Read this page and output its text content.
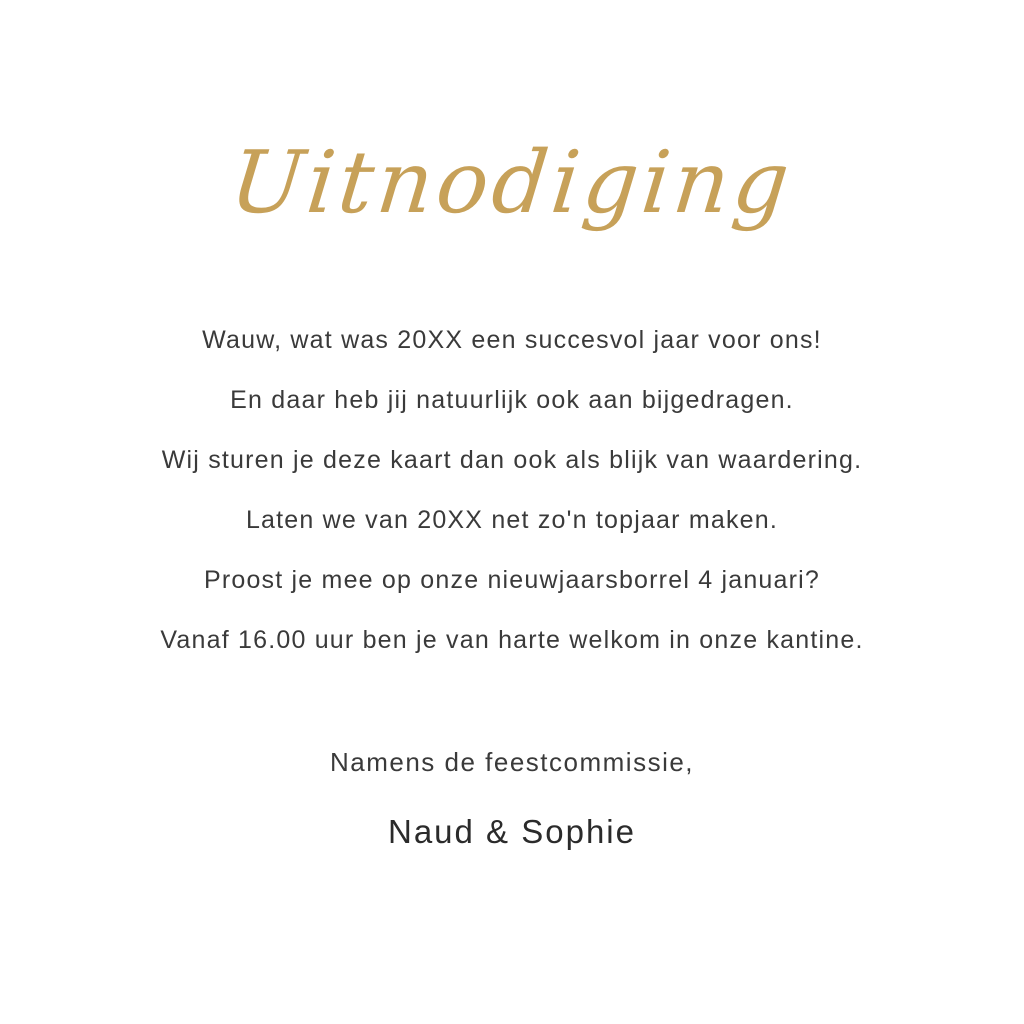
Uitnodiging
Wauw, wat was 20XX een succesvol jaar voor ons!
En daar heb jij natuurlijk ook aan bijgedragen.
Wij sturen je deze kaart dan ook als blijk van waardering.
Laten we van 20XX net zo'n topjaar maken.
Proost je mee op onze nieuwjaarsborrel 4 januari?
Vanaf 16.00 uur ben je van harte welkom in onze kantine.
Namens de feestcommissie,
Naud & Sophie
